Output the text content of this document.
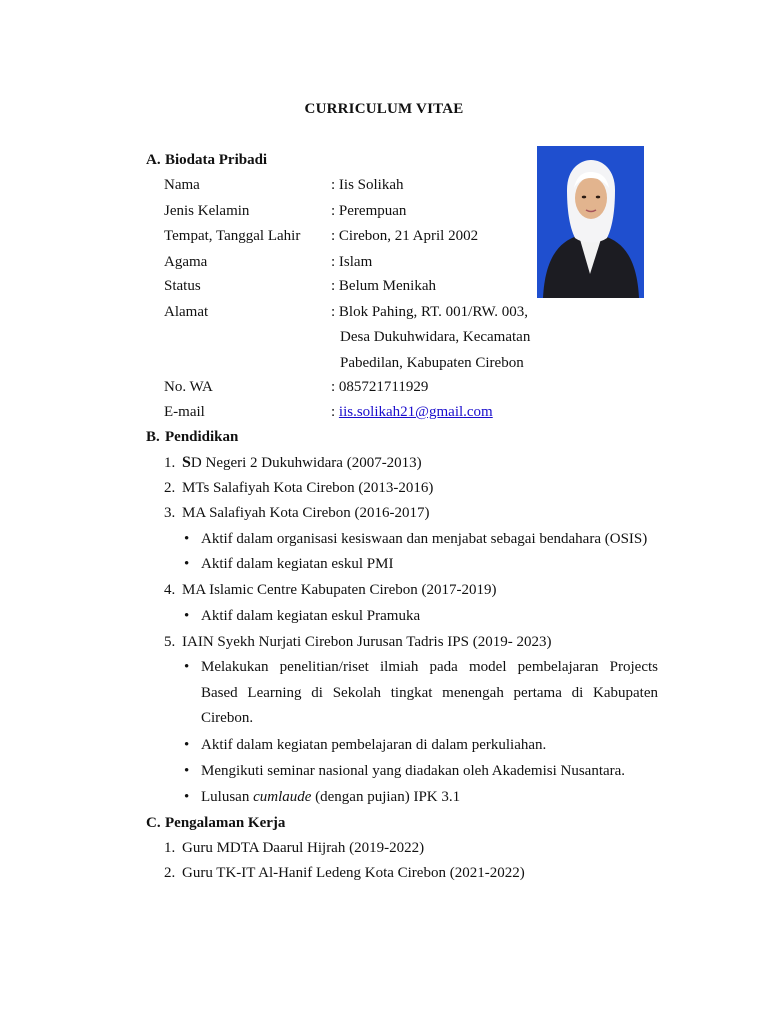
CURRICULUM VITAE
A. Biodata Pribadi
Nama	: Iis Solikah
Jenis Kelamin	: Perempuan
Tempat, Tanggal Lahir : Cirebon, 21 April 2002
Agama	: Islam
Status	: Belum Menikah
Alamat	: Blok Pahing, RT. 001/RW. 003,
Desa Dukuhwidara, Kecamatan
Pabedilan, Kabupaten Cirebon
No. WA	: 085721711929
E-mail	: iis.solikah21@gmail.com
B. Pendidikan
1. SD Negeri 2 Dukuhwidara (2007-2013)
2. MTs Salafiyah Kota Cirebon (2013-2016)
3. MA Salafiyah Kota Cirebon (2016-2017)
• Aktif dalam organisasi kesiswaan dan menjabat sebagai bendahara (OSIS)
• Aktif dalam kegiatan eskul PMI
4. MA Islamic Centre Kabupaten Cirebon (2017-2019)
• Aktif dalam kegiatan eskul Pramuka
5. IAIN Syekh Nurjati Cirebon Jurusan Tadris IPS (2019- 2023)
• Melakukan penelitian/riset ilmiah pada model pembelajaran Projects
Based Learning di Sekolah tingkat menengah pertama di Kabupaten
Cirebon.
• Aktif dalam kegiatan pembelajaran di dalam perkuliahan.
• Mengikuti seminar nasional yang diadakan oleh Akademisi Nusantara.
• Lulusan cumlaude (dengan pujian) IPK 3.1
C. Pengalaman Kerja
1. Guru MDTA Daarul Hijrah (2019-2022)
2. Guru TK-IT Al-Hanif Ledeng Kota Cirebon (2021-2022)
